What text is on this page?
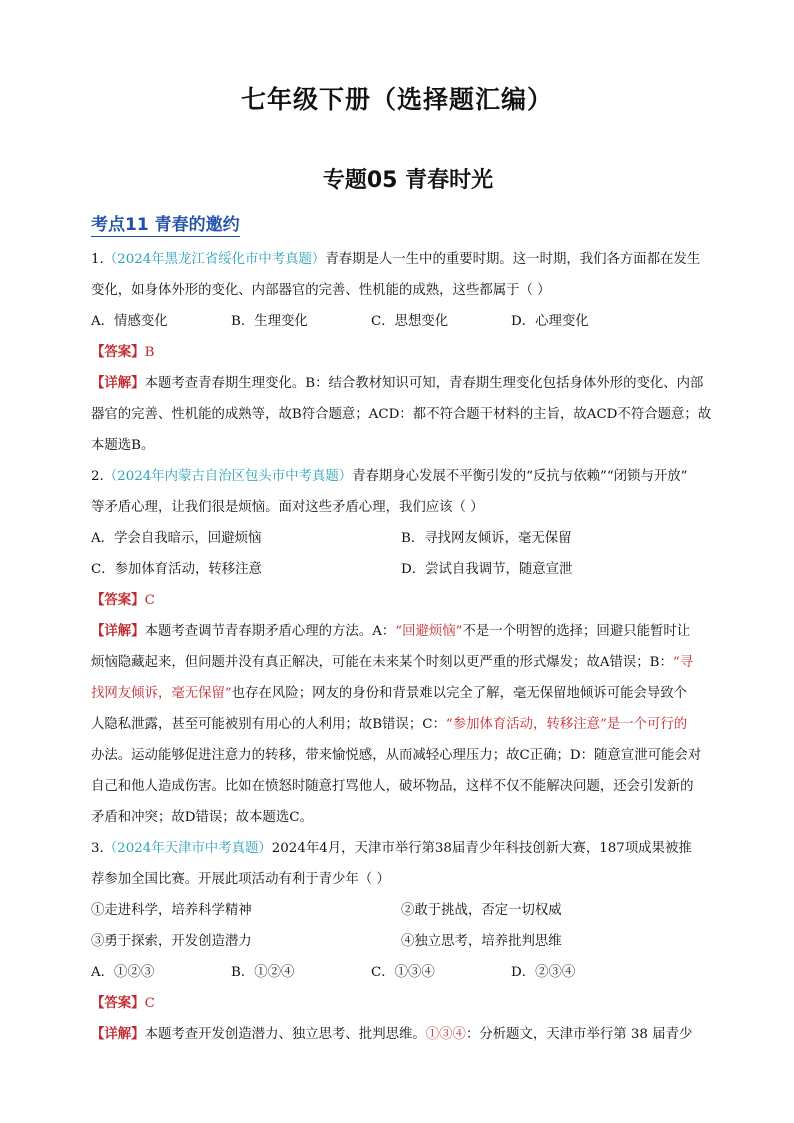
七年级下册（选择题汇编）
专题05 青春时光
考点11 青春的邀约
1.（2024年黑龙江省绥化市中考真题）青春期是人一生中的重要时期。这一时期，我们各方面都在发生
变化，如身体外形的变化、内部器官的完善、性机能的成熟，这些都属于（ ）
A．情感变化	B．生理变化	C．思想变化	D．心理变化
【答案】B
【详解】本题考查青春期生理变化。B：结合教材知识可知，青春期生理变化包括身体外形的变化、内部
器官的完善、性机能的成熟等，故B符合题意；ACD：都不符合题干材料的主旨，故ACD不符合题意；故
本题选B。
2.（2024年内蒙古自治区包头市中考真题）青春期身心发展不平衡引发的“反抗与依赖”“闭锁与开放”
等矛盾心理，让我们很是烦恼。面对这些矛盾心理，我们应该（ ）
A．学会自我暗示，回避烦恼	B．寻找网友倾诉，毫无保留
C．参加体育活动，转移注意	D．尝试自我调节，随意宣泄
【答案】C
【详解】本题考查调节青春期矛盾心理的方法。A：“回避烦恼”不是一个明智的选择；回避只能暂时让
烦恼隐藏起来，但问题并没有真正解决，可能在未来某个时刻以更严重的形式爆发；故A错误；B：“寻
找网友倾诉，毫无保留”也存在风险；网友的身份和背景难以完全了解，毫无保留地倾诉可能会导致个
人隐私泄露，甚至可能被别有用心的人利用；故B错误；C：“参加体育活动，转移注意”是一个可行的
办法。运动能够促进注意力的转移，带来愉悦感，从而减轻心理压力；故C正确；D：随意宣泄可能会对
自己和他人造成伤害。比如在愤怒时随意打骂他人，破坏物品，这样不仅不能解决问题，还会引发新的
矛盾和冲突；故D错误；故本题选C。
3.（2024年天津市中考真题）2024年4月，天津市举行第38届青少年科技创新大赛，187项成果被推
荐参加全国比赛。开展此项活动有利于青少年（ ）
①走进科学，培养科学精神	②敢于挑战，否定一切权威
③勇于探索，开发创造潜力	④独立思考，培养批判思维
A．①②③	B．①②④	C．①③④	D．②③④
【答案】C
【详解】本题考查开发创造潜力、独立思考、批判思维。①③④：分析题文，天津市举行第 38 届青少
